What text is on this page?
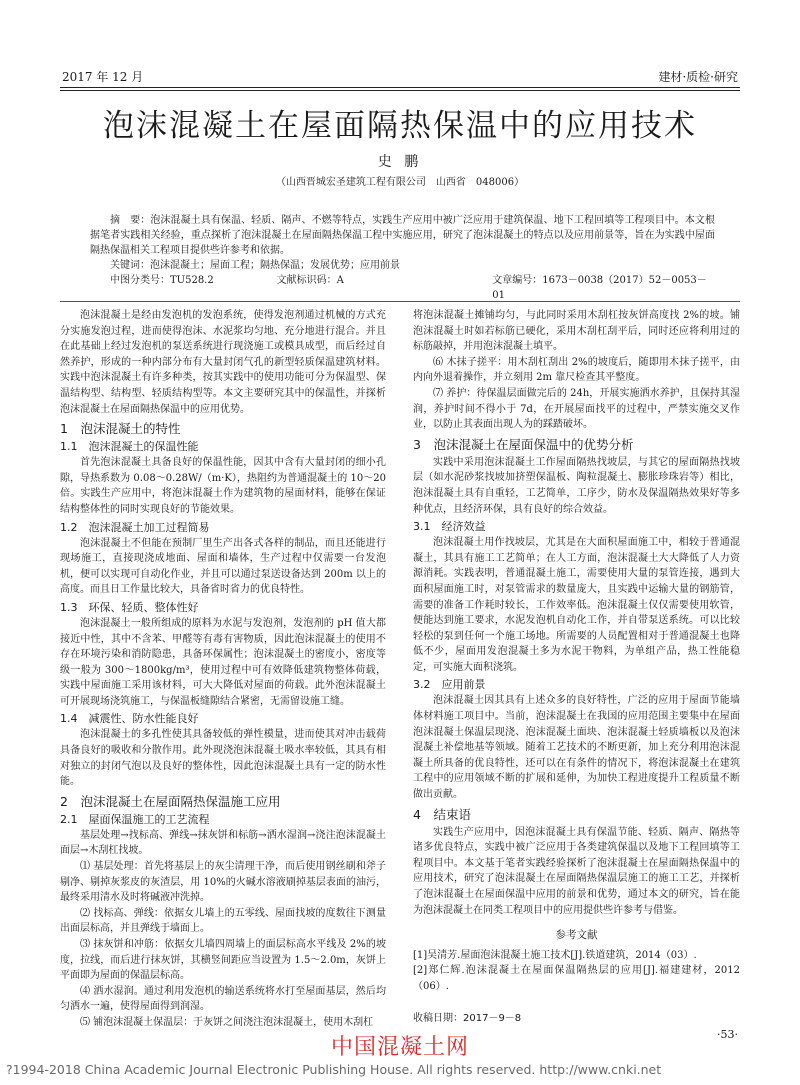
2017 年 12 月	建材·质检·研究
泡沫混凝土在屋面隔热保温中的应用技术
史 鹏
（山西晋城宏圣建筑工程有限公司　山西省　048006）

摘　要：泡沫混凝土具有保温、轻质、隔声、不燃等特点，实践生产应用中被广泛应用于建筑保温、地下工程回填等工程项目中。本文根据笔者实践相关经验，重点探析了泡沫混凝土在屋面隔热保温工程中实施应用，研究了泡沫混凝土的特点以及应用前景等，旨在为实践中屋面隔热保温相关工程项目提供些许参考和依据。

关键词：泡沫混凝土；屋面工程；隔热保温；发展优势；应用前景

中图分类号：TU528.2	文献标识码：A	文章编号：1673－0038（2017）52－0053－01

泡沫混凝土是经由发泡机的发泡系统，使得发泡剂通过机械的方式充分实施发泡过程，进而使得泡沫、水泥浆均匀地、充分地进行混合。并且在此基础上经过发泡机的泵送系统进行现浇施工或模具成型，而后经过自然养护，形成的一种内部分布有大量封闭气孔的新型轻质保温建筑材料。实践中泡沫混凝土有许多种类，按其实践中的使用功能可分为保温型、保温结构型、结构型、轻质结构型等。本文主要研究其中的保温性，并探析泡沫混凝土在屋面隔热保温中的应用优势。

1　泡沫混凝土的特性
1.1　泡沫混凝土的保温性能

首先泡沫混凝土具备良好的保温性能，因其中含有大量封闭的细小孔隙，导热系数为 0.08～0.28W/（m·K），热阻约为普通混凝土的 10～20倍。实践生产应用中，将泡沫混凝土作为建筑物的屋面材料，能够在保证结构整体性的同时实现良好的节能效果。

1.2　泡沫混凝土加工过程简易

泡沫混凝土不但能在预制厂里生产出各式各样的制品，而且还能进行现场施工，直接现浇成地面、屋面和墙体，生产过程中仅需要一台发泡机，便可以实现可自动化作业，并且可以通过泵送设备达到 200m 以上的高度。而且日工作量比较大，具备省时省力的优良特性。

1.3　环保、轻质、整体性好

泡沫混凝土一般所组成的原料为水泥与发泡剂，发泡剂的 pH 值大都接近中性，其中不含苯、甲醛等有毒有害物质，因此泡沫混凝土的使用不存在环境污染和消防隐患，具备环保属性；泡沫混凝土的密度小，密度等级一般为 300～1800kg/m³，使用过程中可有效降低建筑物整体荷载，实践中屋面施工采用该材料，可大大降低对屋面的荷载。此外泡沫混凝土可开展现场浇筑施工，与保温板缝隙结合紧密，无需留设施工缝。

1.4　减震性、防水性能良好

泡沫混凝土的多孔性使其具备较低的弹性模量，进而使其对冲击载荷具备良好的吸收和分散作用。此外现浇泡沫混凝土吸水率较低，其具有相对独立的封闭气泡以及良好的整体性，因此泡沫混凝土具有一定的防水性能。

2　泡沫混凝土在屋面隔热保温施工应用
2.1　屋面保温施工的工艺流程

基层处理→找标高、弹线→抹灰饼和标筋→洒水湿润→浇注泡沫混凝土面层→木刮杠找坡。

⑴ 基层处理：首先将基层上的灰尘清理干净，而后使用钢丝刷和斧子剔净、剔掉灰浆皮的灰渣层，用 10%的火碱水溶液刷掉基层表面的油污，最终采用清水及时将碱液冲洗掉。

⑵ 找标高、弹线：依据女儿墙上的五零线、屋面找坡的度数往下测量出面层标高，并且弹线于墙面上。

⑶ 抹灰饼和冲筋：依据女儿墙四周墙上的面层标高水平线及 2%的坡度，拉线，而后进行抹灰饼，其横竖间距应当设置为 1.5～2.0m，灰饼上平面即为屋面的保温层标高。

⑷ 洒水湿润。通过利用发泡机的输送系统将水打至屋面基层，然后均匀洒水一遍，使得屋面得到润湿。

⑸ 铺泡沫混凝土保温层：于灰饼之间浇注泡沫混凝土，使用木刮杠

将泡沫混凝土摊铺均匀，与此同时采用木刮杠按灰饼高度找 2%的坡。铺泡沫混凝土时如若标筋已硬化，采用木刮杠刮平后，同时还应将利用过的标筋敲掉，并用泡沫混凝土填平。

⑹ 木抹子搓平：用木刮杠刮出 2%的坡度后，随即用木抹子搓平，由内向外退着操作，并立刻用 2m 靠尺检查其平整度。

⑺ 养护：待保温层面做完后的 24h，开展实施洒水养护，且保持其湿润，养护时间不得小于 7d，在开展屋面找平的过程中，严禁实施交叉作业，以防止其表面出现人为的踩踏破坏。

3　泡沫混凝土在屋面保温中的优势分析

实践中采用泡沫混凝土工作屋面隔热找坡层，与其它的屋面隔热找坡层（如水泥砂浆找坡加挤塑保温板、陶粒混凝土、膨胀珍珠岩等）相比，泡沫混凝土具有自重轻，工艺简单，工序少，防水及保温隔热效果好等多种优点，且经济环保，具有良好的综合效益。

3.1　经济效益

泡沫混凝土用作找坡层，尤其是在大面积屋面施工中，相较于普通混凝土，其具有施工工艺简单；在人工方面，泡沫混凝土大大降低了人力资源消耗。实践表明，普通混凝土施工，需要使用大量的泵管连接，遇到大面积屋面施工时，对泵管需求的数量庞大，且实践中运输大量的钢筋管，需要的准备工作耗时较长，工作效率低。泡沫混凝土仅仅需要使用软管，便能达到施工要求，水泥发泡机自动化工作，并自带泵送系统。可以比较轻松的泵到任何一个施工场地。所需要的人员配置相对于普通混凝土也降低不少，屋面用发泡混凝土多为水泥干物料，为单组产品，热工性能稳定，可实施大面积浇筑。

3.2　应用前景

泡沫混凝土因其具有上述众多的良好特性，广泛的应用于屋面节能墙体材料施工项目中。当前，泡沫混凝土在我国的应用范围主要集中在屋面泡沫混凝土保温层现浇、泡沫混凝土面块、泡沫混凝土轻质墙板以及泡沫混凝土补偿地基等领域。随着工艺技术的不断更新，加上充分利用泡沫混凝土所具备的优良特性，还可以在有条件的情况下，将泡沫混凝土在建筑工程中的应用领域不断的扩展和延伸，为加快工程进度提升工程质量不断做出贡献。

4　结束语

实践生产应用中，因泡沫混凝土具有保温节能、轻质、隔声、隔热等诸多优良特点，实践中被广泛应用于各类建筑保温以及地下工程回填等工程项目中。本文基于笔者实践经验探析了泡沫混凝土在屋面隔热保温中的应用技术，研究了泡沫混凝土在屋面隔热保温层施工的施工工艺，并探析了泡沫混凝土在屋面保温中应用的前景和优势，通过本文的研究，旨在能为泡沫混凝土在同类工程项目中的应用提供些许参考与借鉴。

参考文献

[1]吴清芳.屋面泡沫混凝土施工技术[J].铁道建筑，2014（03）.

[2]郑仁辉.泡沫混凝土在屋面保温隔热层的应用[J].福建建材，2012（06）.

收稿日期：2017－9－8

·53·
中国混凝土网
?1994-2018 China Academic Journal Electronic Publishing House. All rights reserved. http://www.cnki.net
